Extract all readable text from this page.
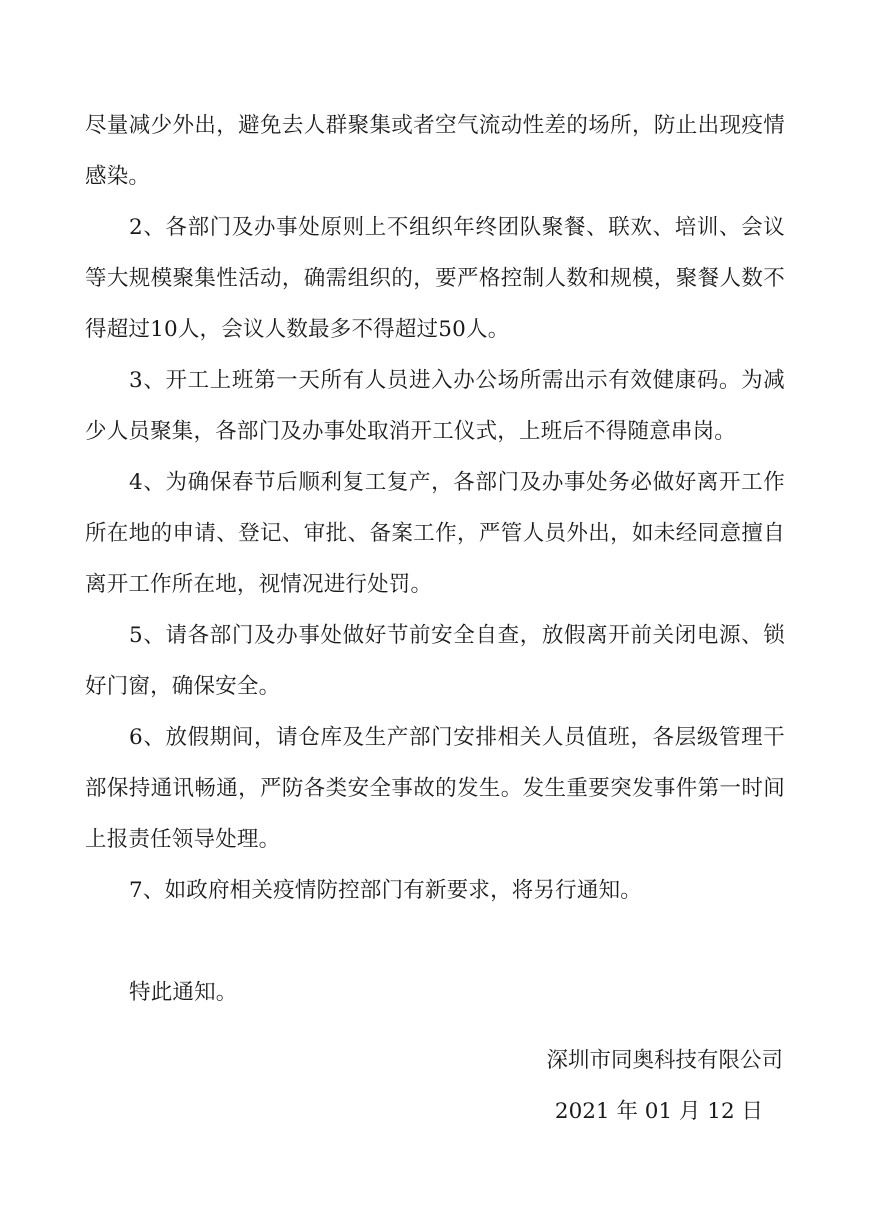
尽量减少外出，避免去人群聚集或者空气流动性差的场所，防止出现疫情感染。

2、各部门及办事处原则上不组织年终团队聚餐、联欢、培训、会议等大规模聚集性活动，确需组织的，要严格控制人数和规模，聚餐人数不得超过10人，会议人数最多不得超过50人。

3、开工上班第一天所有人员进入办公场所需出示有效健康码。为减少人员聚集，各部门及办事处取消开工仪式，上班后不得随意串岗。

4、为确保春节后顺利复工复产，各部门及办事处务必做好离开工作所在地的申请、登记、审批、备案工作，严管人员外出，如未经同意擅自离开工作所在地，视情况进行处罚。

5、请各部门及办事处做好节前安全自查，放假离开前关闭电源、锁好门窗，确保安全。

6、放假期间，请仓库及生产部门安排相关人员值班，各层级管理干部保持通讯畅通，严防各类安全事故的发生。发生重要突发事件第一时间上报责任领导处理。

7、如政府相关疫情防控部门有新要求，将另行通知。

特此通知。

深圳市同奥科技有限公司
2021 年 01 月 12 日
